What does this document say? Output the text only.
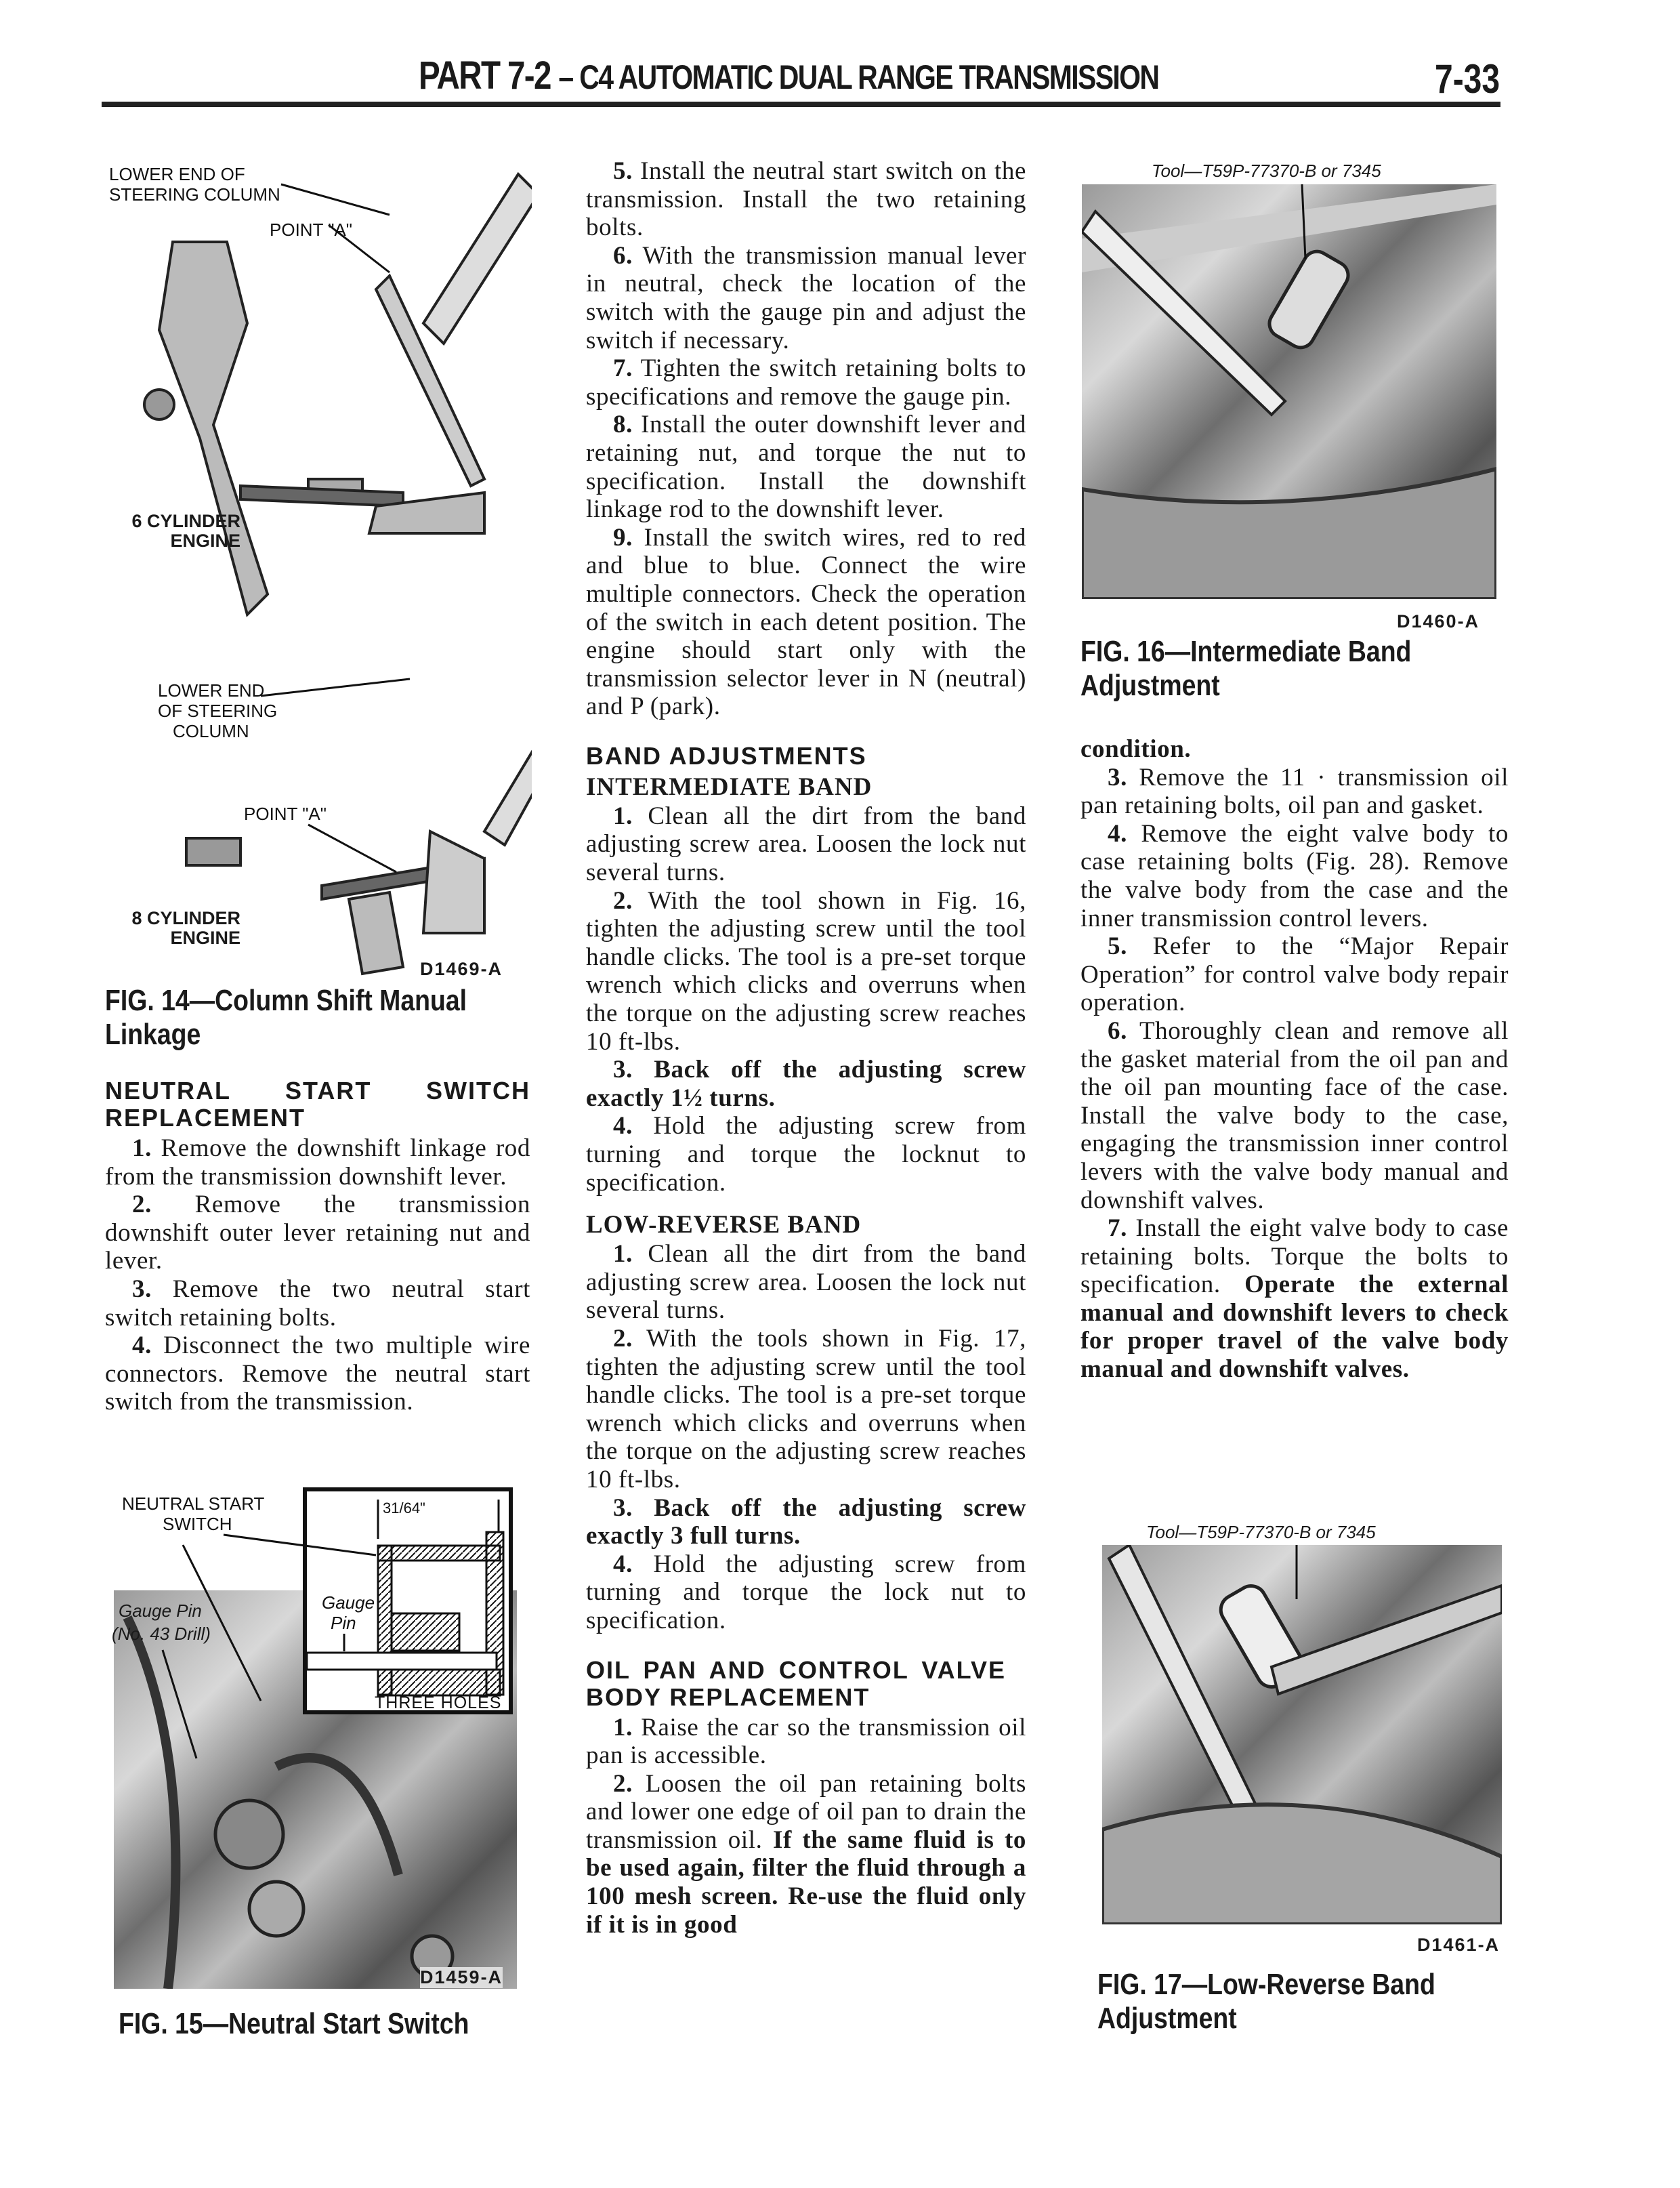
PART 7-2 – C4 AUTOMATIC DUAL RANGE TRANSMISSION	7-33
LOWER END OF
STEERING COLUMN
POINT "A"
6 CYLINDER
ENGINE
LOWER END
OF STEERING
COLUMN
POINT "A"
8 CYLINDER
ENGINE
D1469-A
FIG. 14—Column Shift Manual Linkage
NEUTRAL START SWITCH REPLACEMENT

1. Remove the downshift linkage rod from the transmission downshift lever.

2. Remove the transmission downshift outer lever retaining nut and lever.

3. Remove the two neutral start switch retaining bolts.

4. Disconnect the two multiple wire connectors. Remove the neutral start switch from the transmission.

31/64"
Gauge
Pin
THREE HOLES
NEUTRAL START
SWITCH
Gauge Pin
(No. 43 Drill)
D1459-A
FIG. 15—Neutral Start Switch

5. Install the neutral start switch on the transmission. Install the two retaining bolts.

6. With the transmission manual lever in neutral, check the location of the switch with the gauge pin and adjust the switch if necessary.

7. Tighten the switch retaining bolts to specifications and remove the gauge pin.

8. Install the outer downshift lever and retaining nut, and torque the nut to specification. Install the downshift linkage rod to the downshift lever.

9. Install the switch wires, red to red and blue to blue. Connect the wire multiple connectors. Check the operation of the switch in each detent position. The engine should start only with the transmission selector lever in N (neutral) and P (park).

BAND ADJUSTMENTS
INTERMEDIATE BAND

1. Clean all the dirt from the band adjusting screw area. Loosen the lock nut several turns.

2. With the tool shown in Fig. 16, tighten the adjusting screw until the tool handle clicks. The tool is a pre-set torque wrench which clicks and overruns when the torque on the adjusting screw reaches 10 ft-lbs.

3. Back off the adjusting screw exactly 1½ turns.

4. Hold the adjusting screw from turning and torque the locknut to specification.

LOW-REVERSE BAND

1. Clean all the dirt from the band adjusting screw area. Loosen the lock nut several turns.

2. With the tools shown in Fig. 17, tighten the adjusting screw until the tool handle clicks. The tool is a pre-set torque wrench which clicks and overruns when the torque on the adjusting screw reaches 10 ft-lbs.

3. Back off the adjusting screw exactly 3 full turns.

4. Hold the adjusting screw from turning and torque the lock nut to specification.

OIL PAN AND CONTROL VALVE BODY REPLACEMENT

1. Raise the car so the transmission oil pan is accessible.

2. Loosen the oil pan retaining bolts and lower one edge of oil pan to drain the transmission oil. If the same fluid is to be used again, filter the fluid through a 100 mesh screen. Re-use the fluid only if it is in good

Tool—T59P-77370-B or 7345
D1460-A
FIG. 16—Intermediate Band Adjustment

condition.

3. Remove the 11 · transmission oil pan retaining bolts, oil pan and gasket.

4. Remove the eight valve body to case retaining bolts (Fig. 28). Remove the valve body from the case and the inner transmission control levers.

5. Refer to the “Major Repair Operation” for control valve body repair operation.

6. Thoroughly clean and remove all the gasket material from the oil pan and the oil pan mounting face of the case. Install the valve body to the case, engaging the transmission inner control levers with the valve body manual and downshift valves.

7. Install the eight valve body to case retaining bolts. Torque the bolts to specification. Operate the external manual and downshift levers to check for proper travel of the valve body manual and downshift valves.

Tool—T59P-77370-B or 7345
D1461-A
FIG. 17—Low-Reverse Band Adjustment
